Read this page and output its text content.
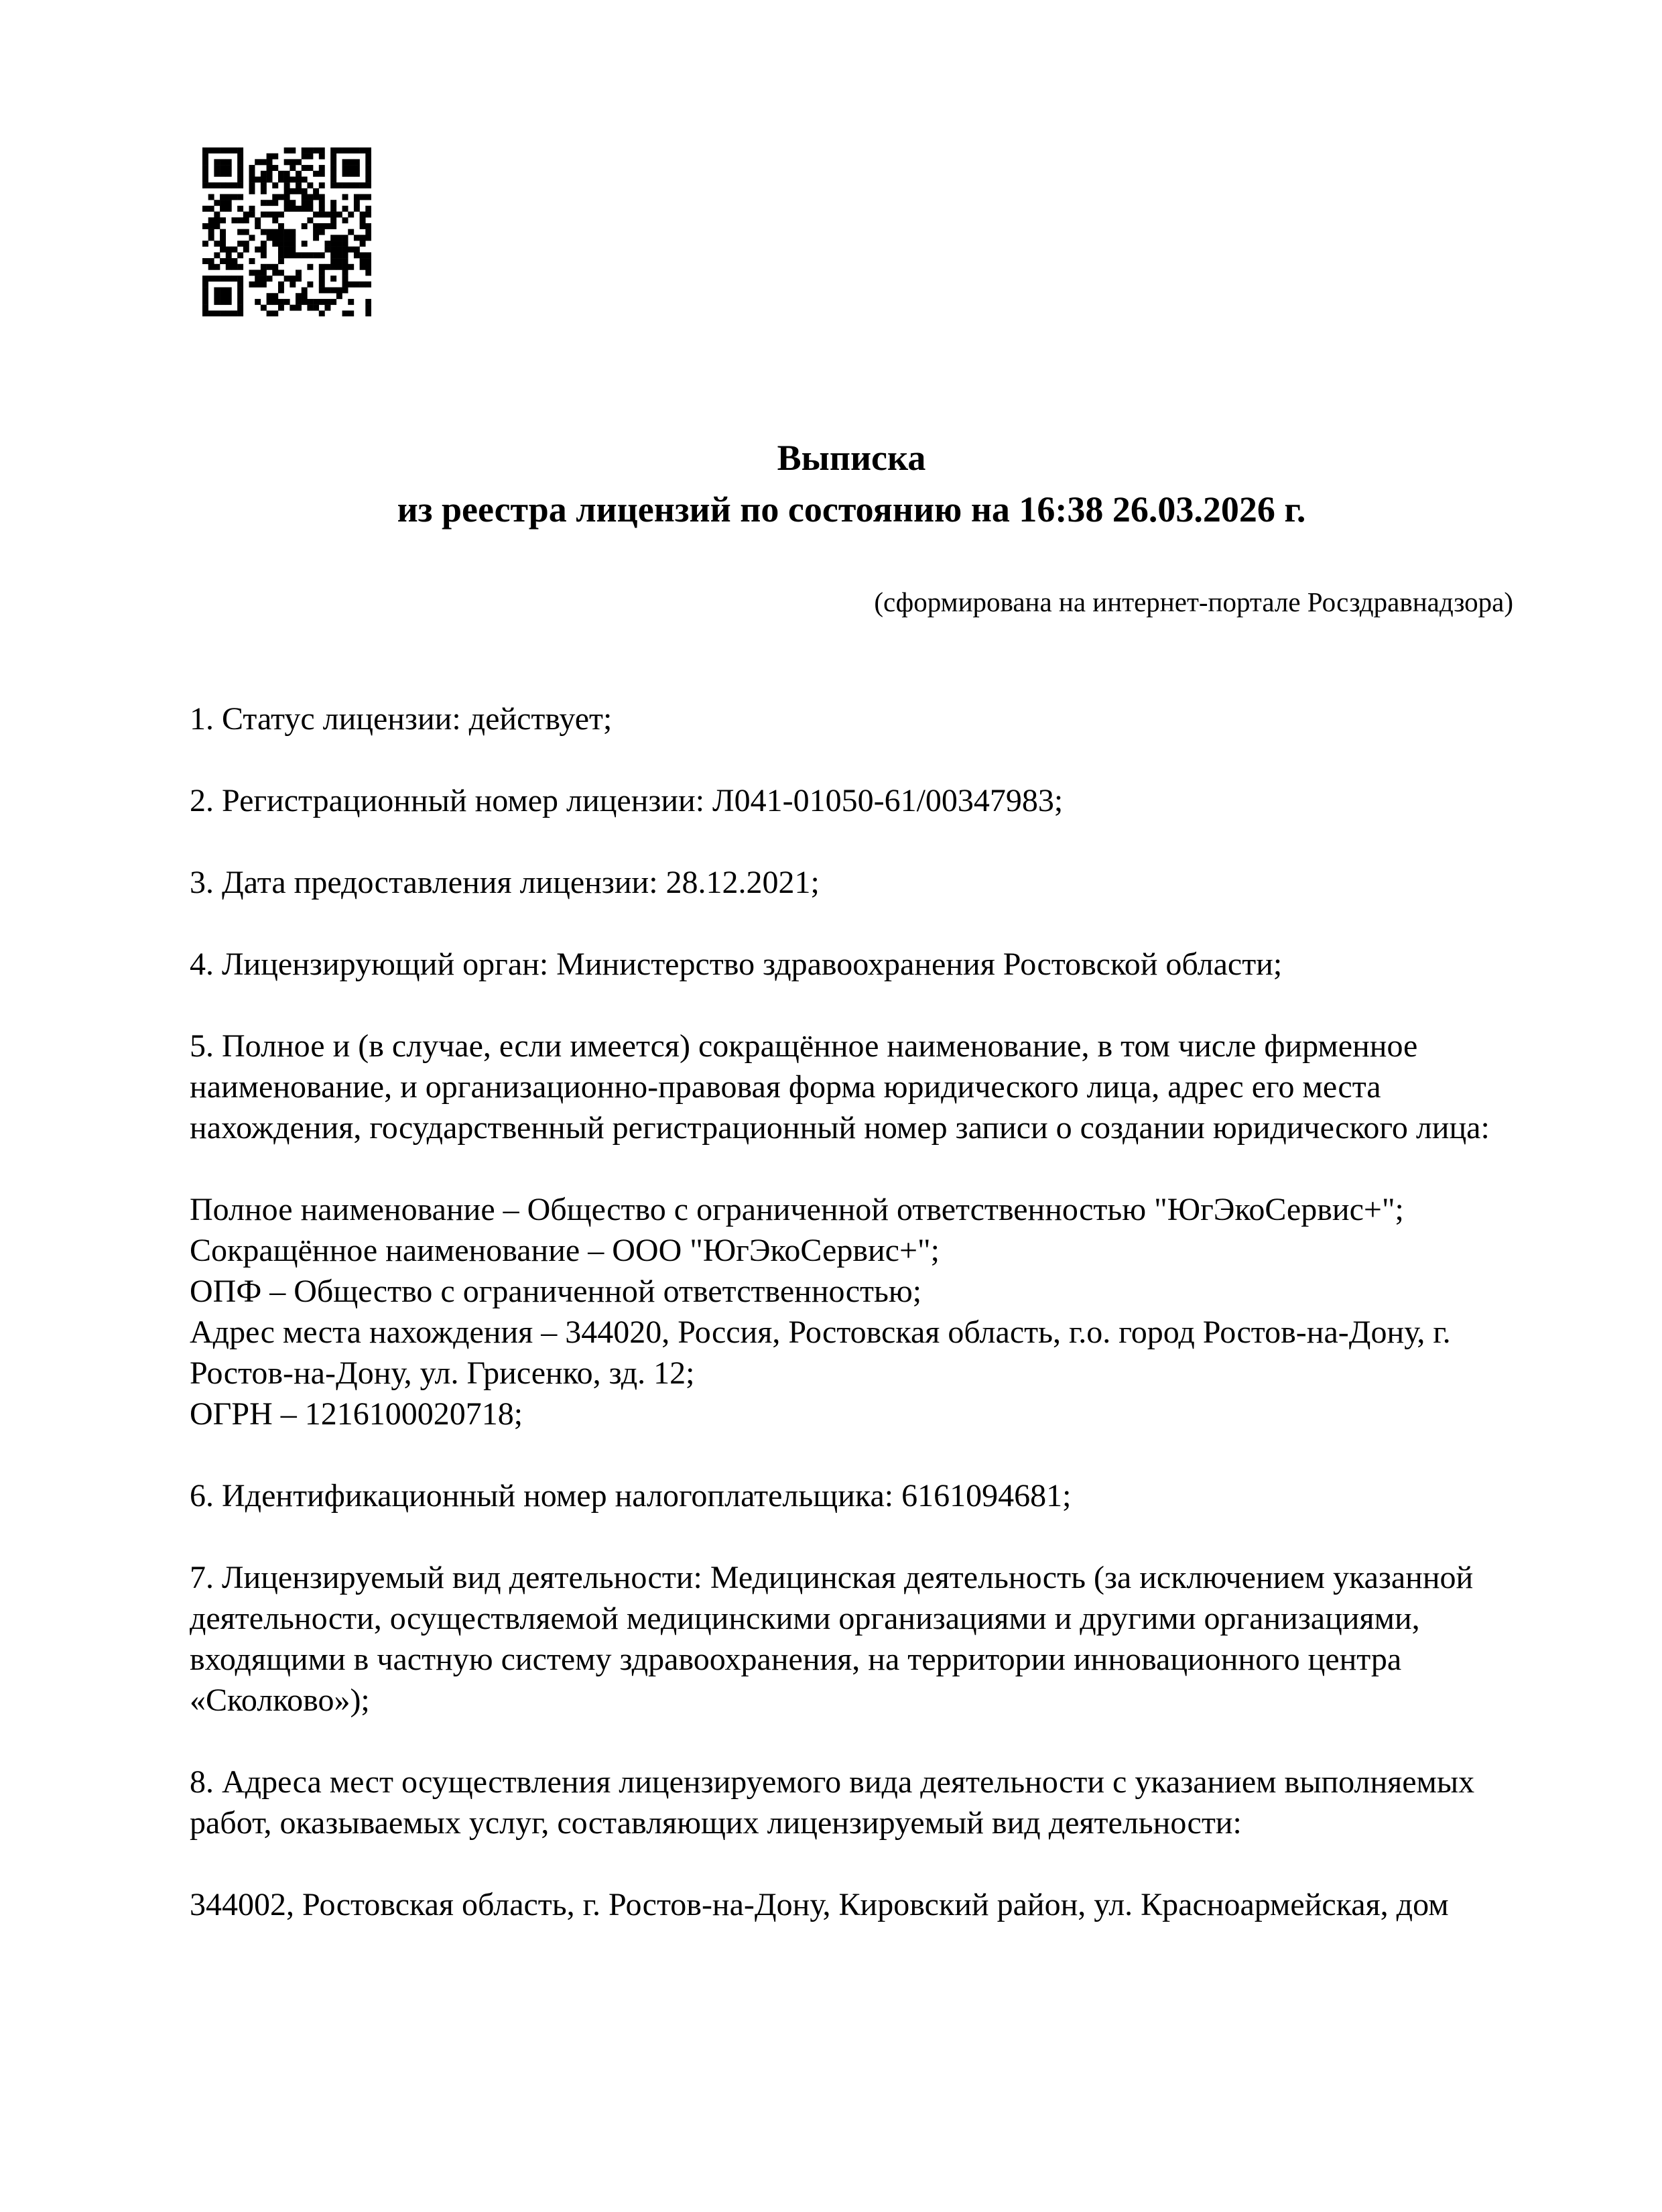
Выписка
из реестра лицензий по состоянию на 16:38 26.03.2026 г.
(сформирована на интернет-портале Росздравнадзора)
1. Статус лицензии: действует;
2. Регистрационный номер лицензии: Л041-01050-61/00347983;
3. Дата предоставления лицензии: 28.12.2021;
4. Лицензирующий орган: Министерство здравоохранения Ростовской области;
5. Полное и (в случае, если имеется) сокращённое наименование, в том числе фирменное
наименование, и организационно-правовая форма юридического лица, адрес его места
нахождения, государственный регистрационный номер записи о создании юридического лица:
Полное наименование – Общество с ограниченной ответственностью "ЮгЭкоСервис+";
Сокращённое наименование – ООО "ЮгЭкоСервис+";
ОПФ – Общество с ограниченной ответственностью;
Адрес места нахождения – 344020, Россия, Ростовская область, г.о. город Ростов-на-Дону, г.
Ростов-на-Дону, ул. Грисенко, зд. 12;
ОГРН – 1216100020718;
6. Идентификационный номер налогоплательщика: 6161094681;
7. Лицензируемый вид деятельности: Медицинская деятельность (за исключением указанной
деятельности, осуществляемой медицинскими организациями и другими организациями,
входящими в частную систему здравоохранения, на территории инновационного центра
«Сколково»);
8. Адреса мест осуществления лицензируемого вида деятельности с указанием выполняемых
работ, оказываемых услуг, составляющих лицензируемый вид деятельности:
344002, Ростовская область, г. Ростов-на-Дону, Кировский район, ул. Красноармейская, дом
